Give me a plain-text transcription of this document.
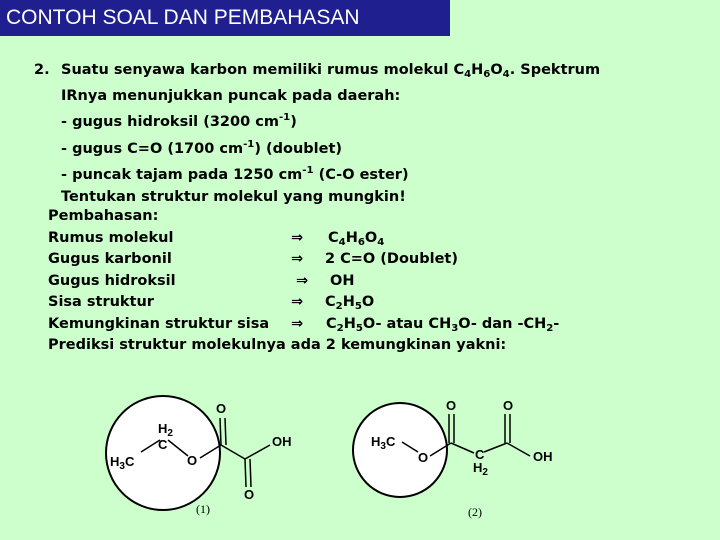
CONTOH SOAL DAN PEMBAHASAN
2. Suatu senyawa karbon memiliki rumus molekul $C_4H_6O_4$. Spektrum
IRnya menunjukkan puncak pada daerah:
- gugus hidroksil (3200 $cm^{-1}$)
- gugus C=O (1700 $cm^{-1}$) (doublet)
- puncak tajam pada 1250 $cm^{-1}$ (C-O ester)
Tentukan struktur molekul yang mungkin!
Pembahasan:
Rumus molekul	⇒ $C_4H_6O_4$
Gugus karbonil	⇒ 2 C=O (Doublet)
Gugus hidroksil	⇒ OH
Sisa struktur	⇒ $C_2H_5O$
Kemungkinan struktur sisa ⇒ $C_2H_5O-$ atau $CH_3O-$ dan $-CH_2-$
Prediksi struktur molekulnya ada 2 kemungkinan yakni:
$H_2$
C
$H_3C$	O
O
OH
O
(1)
$H_3C$
O
O	O
C
$H_2$
OH
(2)
